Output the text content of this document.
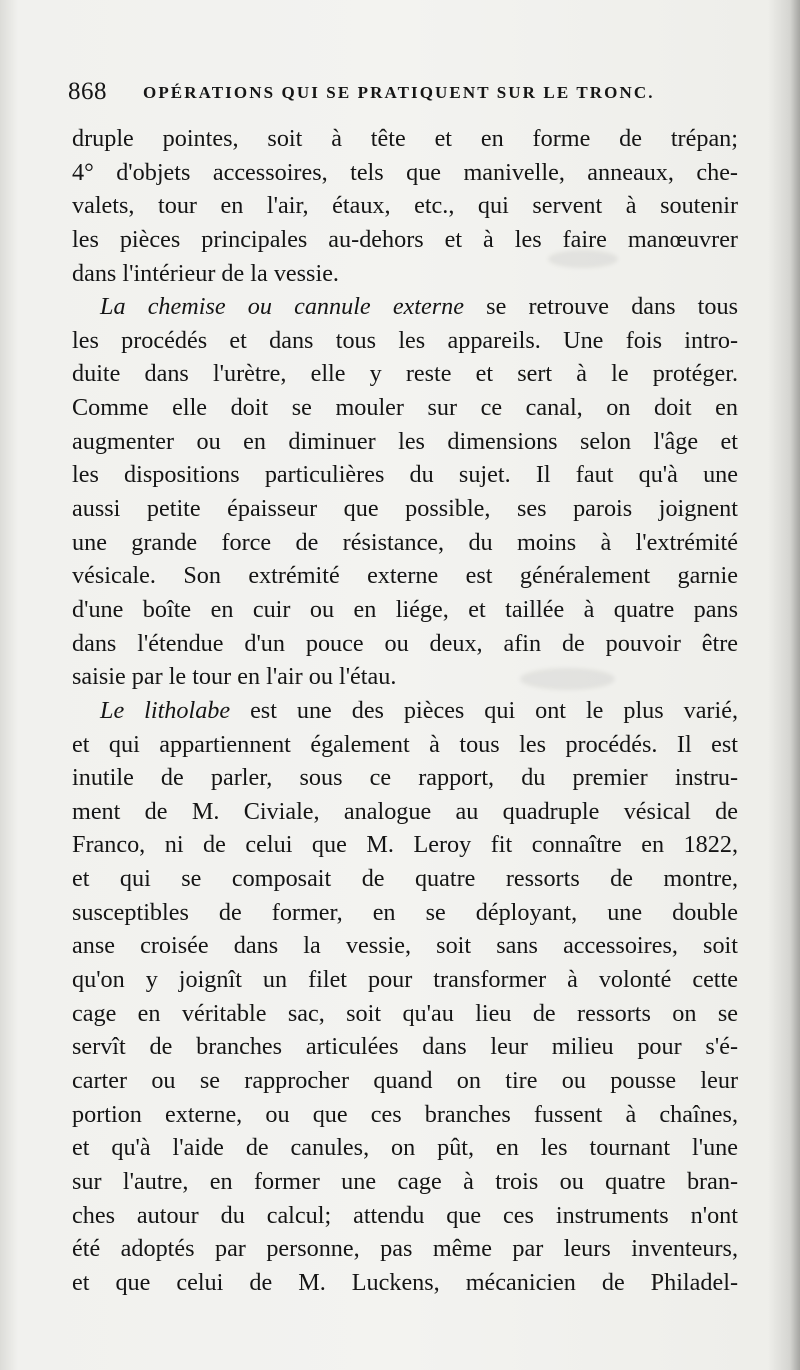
868 OPÉRATIONS QUI SE PRATIQUENT SUR LE TRONC.
druple pointes, soit à tête et en forme de trépan;
4° d'objets accessoires, tels que manivelle, anneaux, che-
valets, tour en l'air, étaux, etc., qui servent à soutenir
les pièces principales au-dehors et à les faire manœuvrer
dans l'intérieur de la vessie.
La chemise ou cannule externe se retrouve dans tous
les procédés et dans tous les appareils. Une fois intro-
duite dans l'urètre, elle y reste et sert à le protéger.
Comme elle doit se mouler sur ce canal, on doit en
augmenter ou en diminuer les dimensions selon l'âge et
les dispositions particulières du sujet. Il faut qu'à une
aussi petite épaisseur que possible, ses parois joignent
une grande force de résistance, du moins à l'extrémité
vésicale. Son extrémité externe est généralement garnie
d'une boîte en cuir ou en liége, et taillée à quatre pans
dans l'étendue d'un pouce ou deux, afin de pouvoir être
saisie par le tour en l'air ou l'étau.
Le litholabe est une des pièces qui ont le plus varié,
et qui appartiennent également à tous les procédés. Il est
inutile de parler, sous ce rapport, du premier instru-
ment de M. Civiale, analogue au quadruple vésical de
Franco, ni de celui que M. Leroy fit connaître en 1822,
et qui se composait de quatre ressorts de montre,
susceptibles de former, en se déployant, une double
anse croisée dans la vessie, soit sans accessoires, soit
qu'on y joignît un filet pour transformer à volonté cette
cage en véritable sac, soit qu'au lieu de ressorts on se
servît de branches articulées dans leur milieu pour s'é-
carter ou se rapprocher quand on tire ou pousse leur
portion externe, ou que ces branches fussent à chaînes,
et qu'à l'aide de canules, on pût, en les tournant l'une
sur l'autre, en former une cage à trois ou quatre bran-
ches autour du calcul; attendu que ces instruments n'ont
été adoptés par personne, pas même par leurs inventeurs,
et que celui de M. Luckens, mécanicien de Philadel-
